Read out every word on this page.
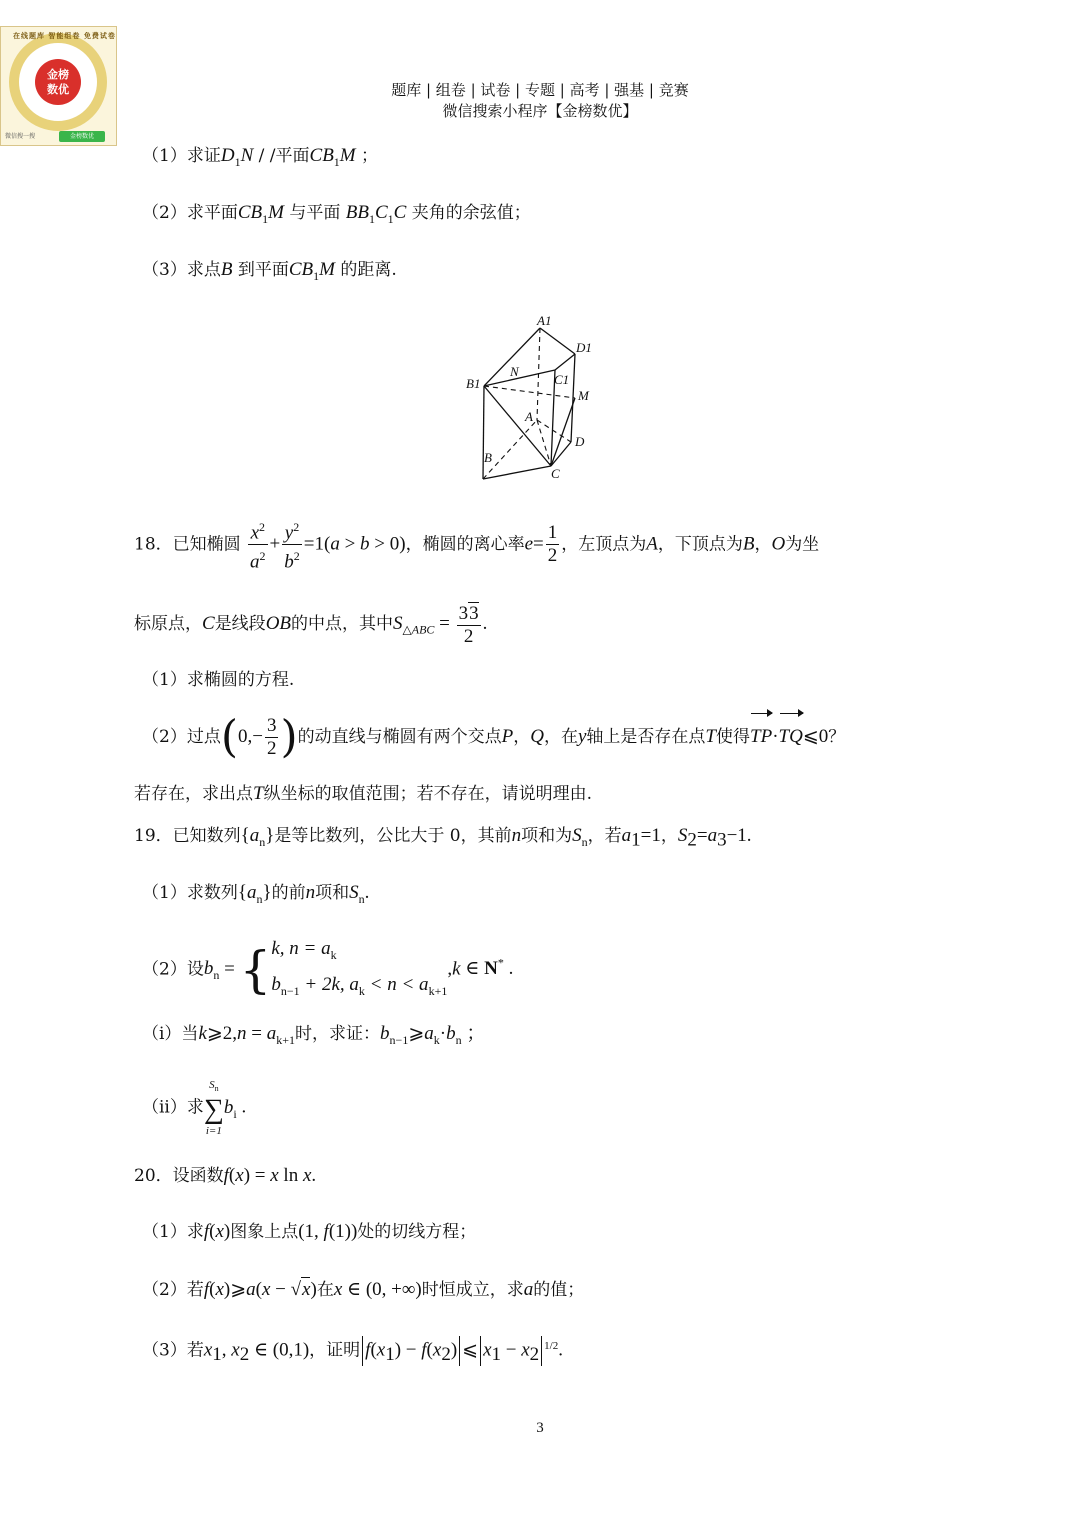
在线题库 智能组卷 免费试卷
金榜
数优
微信搜一搜	金榜数优
题库 | 组卷 | 试卷 | 专题 | 高考 | 强基 | 竞赛
微信搜索小程序【金榜数优】
（1）求证$D_1N$ / /平面$CB_1M$ ；
（2）求平面$CB_1M$ 与平面 $BB_1C_1C$ 夹角的余弦值；
（3）求点B 到平面$CB_1M$ 的距离.
A1
D1
N
C1
B1
M
A
D
B
C
18．已知椭圆 $\frac{x^2}{a^2} + \frac{y^2}{b^2} =1(a > b > 0)$，椭圆的离心率$e= \frac{1}{2}$ ，左顶点为A，下顶点为B，O为坐
标原点，C是线段OB的中点，其中$S_{\triangle ABC} = \frac{33}{2}$ .
（1）求椭圆的方程.
（2）过点($0,- \frac{3}{2}$ )的动直线与椭圆有两个交点P，Q，在y轴上是否存在点T使得TP·TQ⩽0？
若存在，求出点T纵坐标的取值范围；若不存在，请说明理由.
19．已知数列$\{a_n\}$是等比数列，公比大于 0，其前n项和为$S_n$，若$a_1=1$，$S_2=a_3-1$.
（1）求数列$\{a_n\}$的前n项和$S_n$.
（2）设$b_n$ = { k, $n = a_k$
$b_{n-1} + 2k$, $a_k < n < a_{k+1}$
,k ∈ N* .
（i）当k⩾2,n = $a_{k+1}$时，求证：$b_{n-1}⩾a_k\cdot b_n$ ；
（ii）求
$S_n$
∑
i=1
$b_i$ .
20．设函数f(x) = x ln x.
（1）求f(x)图象上点(1, f(1))处的切线方程；
（2）若f(x)⩾a(x − √x)在x ∈ (0, +∞)时恒成立，求a的值；
（3）若$x_1$, $x_2$ ∈ (0,1)，证明 $f(x_1) - f(x_2)$ ⩽ $x_1 - x_2$ $^{1/2}$.
3
